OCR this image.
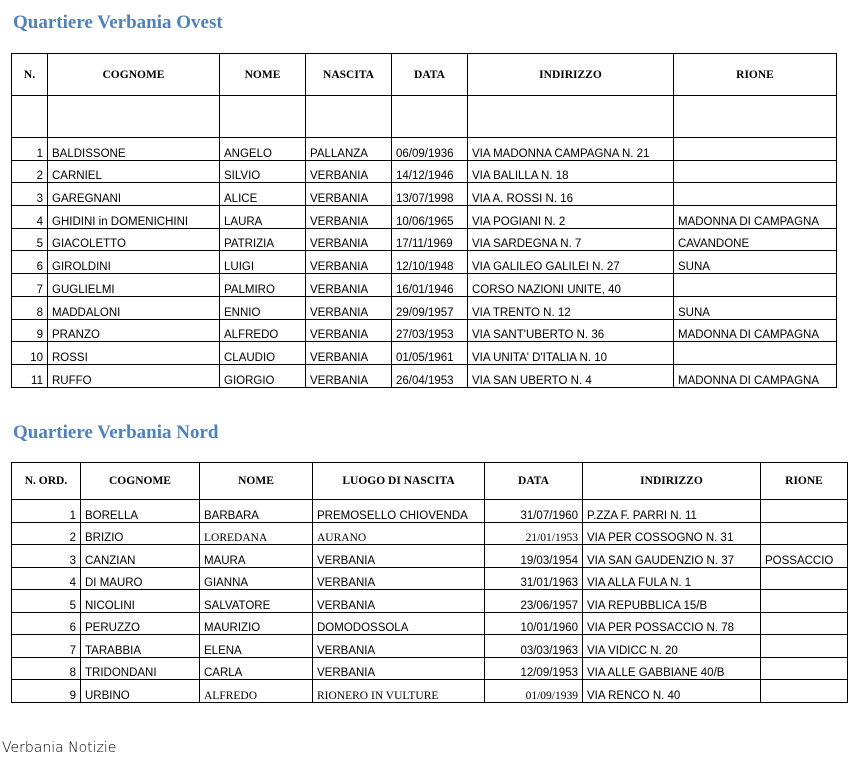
Quartiere Verbania Ovest
N.	COGNOME	NOME	NASCITA	DATA	INDIRIZZO	RIONE

1	BALDISSONE	ANGELO	PALLANZA	06/09/1936	VIA MADONNA CAMPAGNA N. 21	
2	CARNIEL	SILVIO	VERBANIA	14/12/1946	VIA BALILLA N. 18	
3	GAREGNANI	ALICE	VERBANIA	13/07/1998	VIA A. ROSSI N. 16	
4	GHIDINI in DOMENICHINI	LAURA	VERBANIA	10/06/1965	VIA POGIANI N. 2	MADONNA DI CAMPAGNA
5	GIACOLETTO	PATRIZIA	VERBANIA	17/11/1969	VIA SARDEGNA N. 7	CAVANDONE
6	GIROLDINI	LUIGI	VERBANIA	12/10/1948	VIA GALILEO GALILEI N. 27	SUNA
7	GUGLIELMI	PALMIRO	VERBANIA	16/01/1946	CORSO NAZIONI UNITE, 40	
8	MADDALONI	ENNIO	VERBANIA	29/09/1957	VIA TRENTO N. 12	SUNA
9	PRANZO	ALFREDO	VERBANIA	27/03/1953	VIA SANT'UBERTO N. 36	MADONNA DI CAMPAGNA
10	ROSSI	CLAUDIO	VERBANIA	01/05/1961	VIA UNITA' D'ITALIA N. 10	
11	RUFFO	GIORGIO	VERBANIA	26/04/1953	VIA SAN UBERTO N. 4	MADONNA DI CAMPAGNA
Quartiere Verbania Nord
N. ORD.	COGNOME	NOME	LUOGO DI NASCITA	DATA	INDIRIZZO	RIONE
1	BORELLA	BARBARA	PREMOSELLO CHIOVENDA	31/07/1960	P.ZZA F. PARRI N. 11	
2	BRIZIO	LOREDANA	AURANO	21/01/1953	VIA PER COSSOGNO N. 31	
3	CANZIAN	MAURA	VERBANIA	19/03/1954	VIA SAN GAUDENZIO N. 37	POSSACCIO
4	DI MAURO	GIANNA	VERBANIA	31/01/1963	VIA ALLA FULA N. 1	
5	NICOLINI	SALVATORE	VERBANIA	23/06/1957	VIA REPUBBLICA 15/B	
6	PERUZZO	MAURIZIO	DOMODOSSOLA	10/01/1960	VIA PER POSSACCIO N. 78	
7	TARABBIA	ELENA	VERBANIA	03/03/1963	VIA VIDICC N. 20	
8	TRIDONDANI	CARLA	VERBANIA	12/09/1953	VIA ALLE GABBIANE 40/B	
9	URBINO	ALFREDO	RIONERO IN VULTURE	01/09/1939	VIA RENCO N. 40	
Verbania Notizie
